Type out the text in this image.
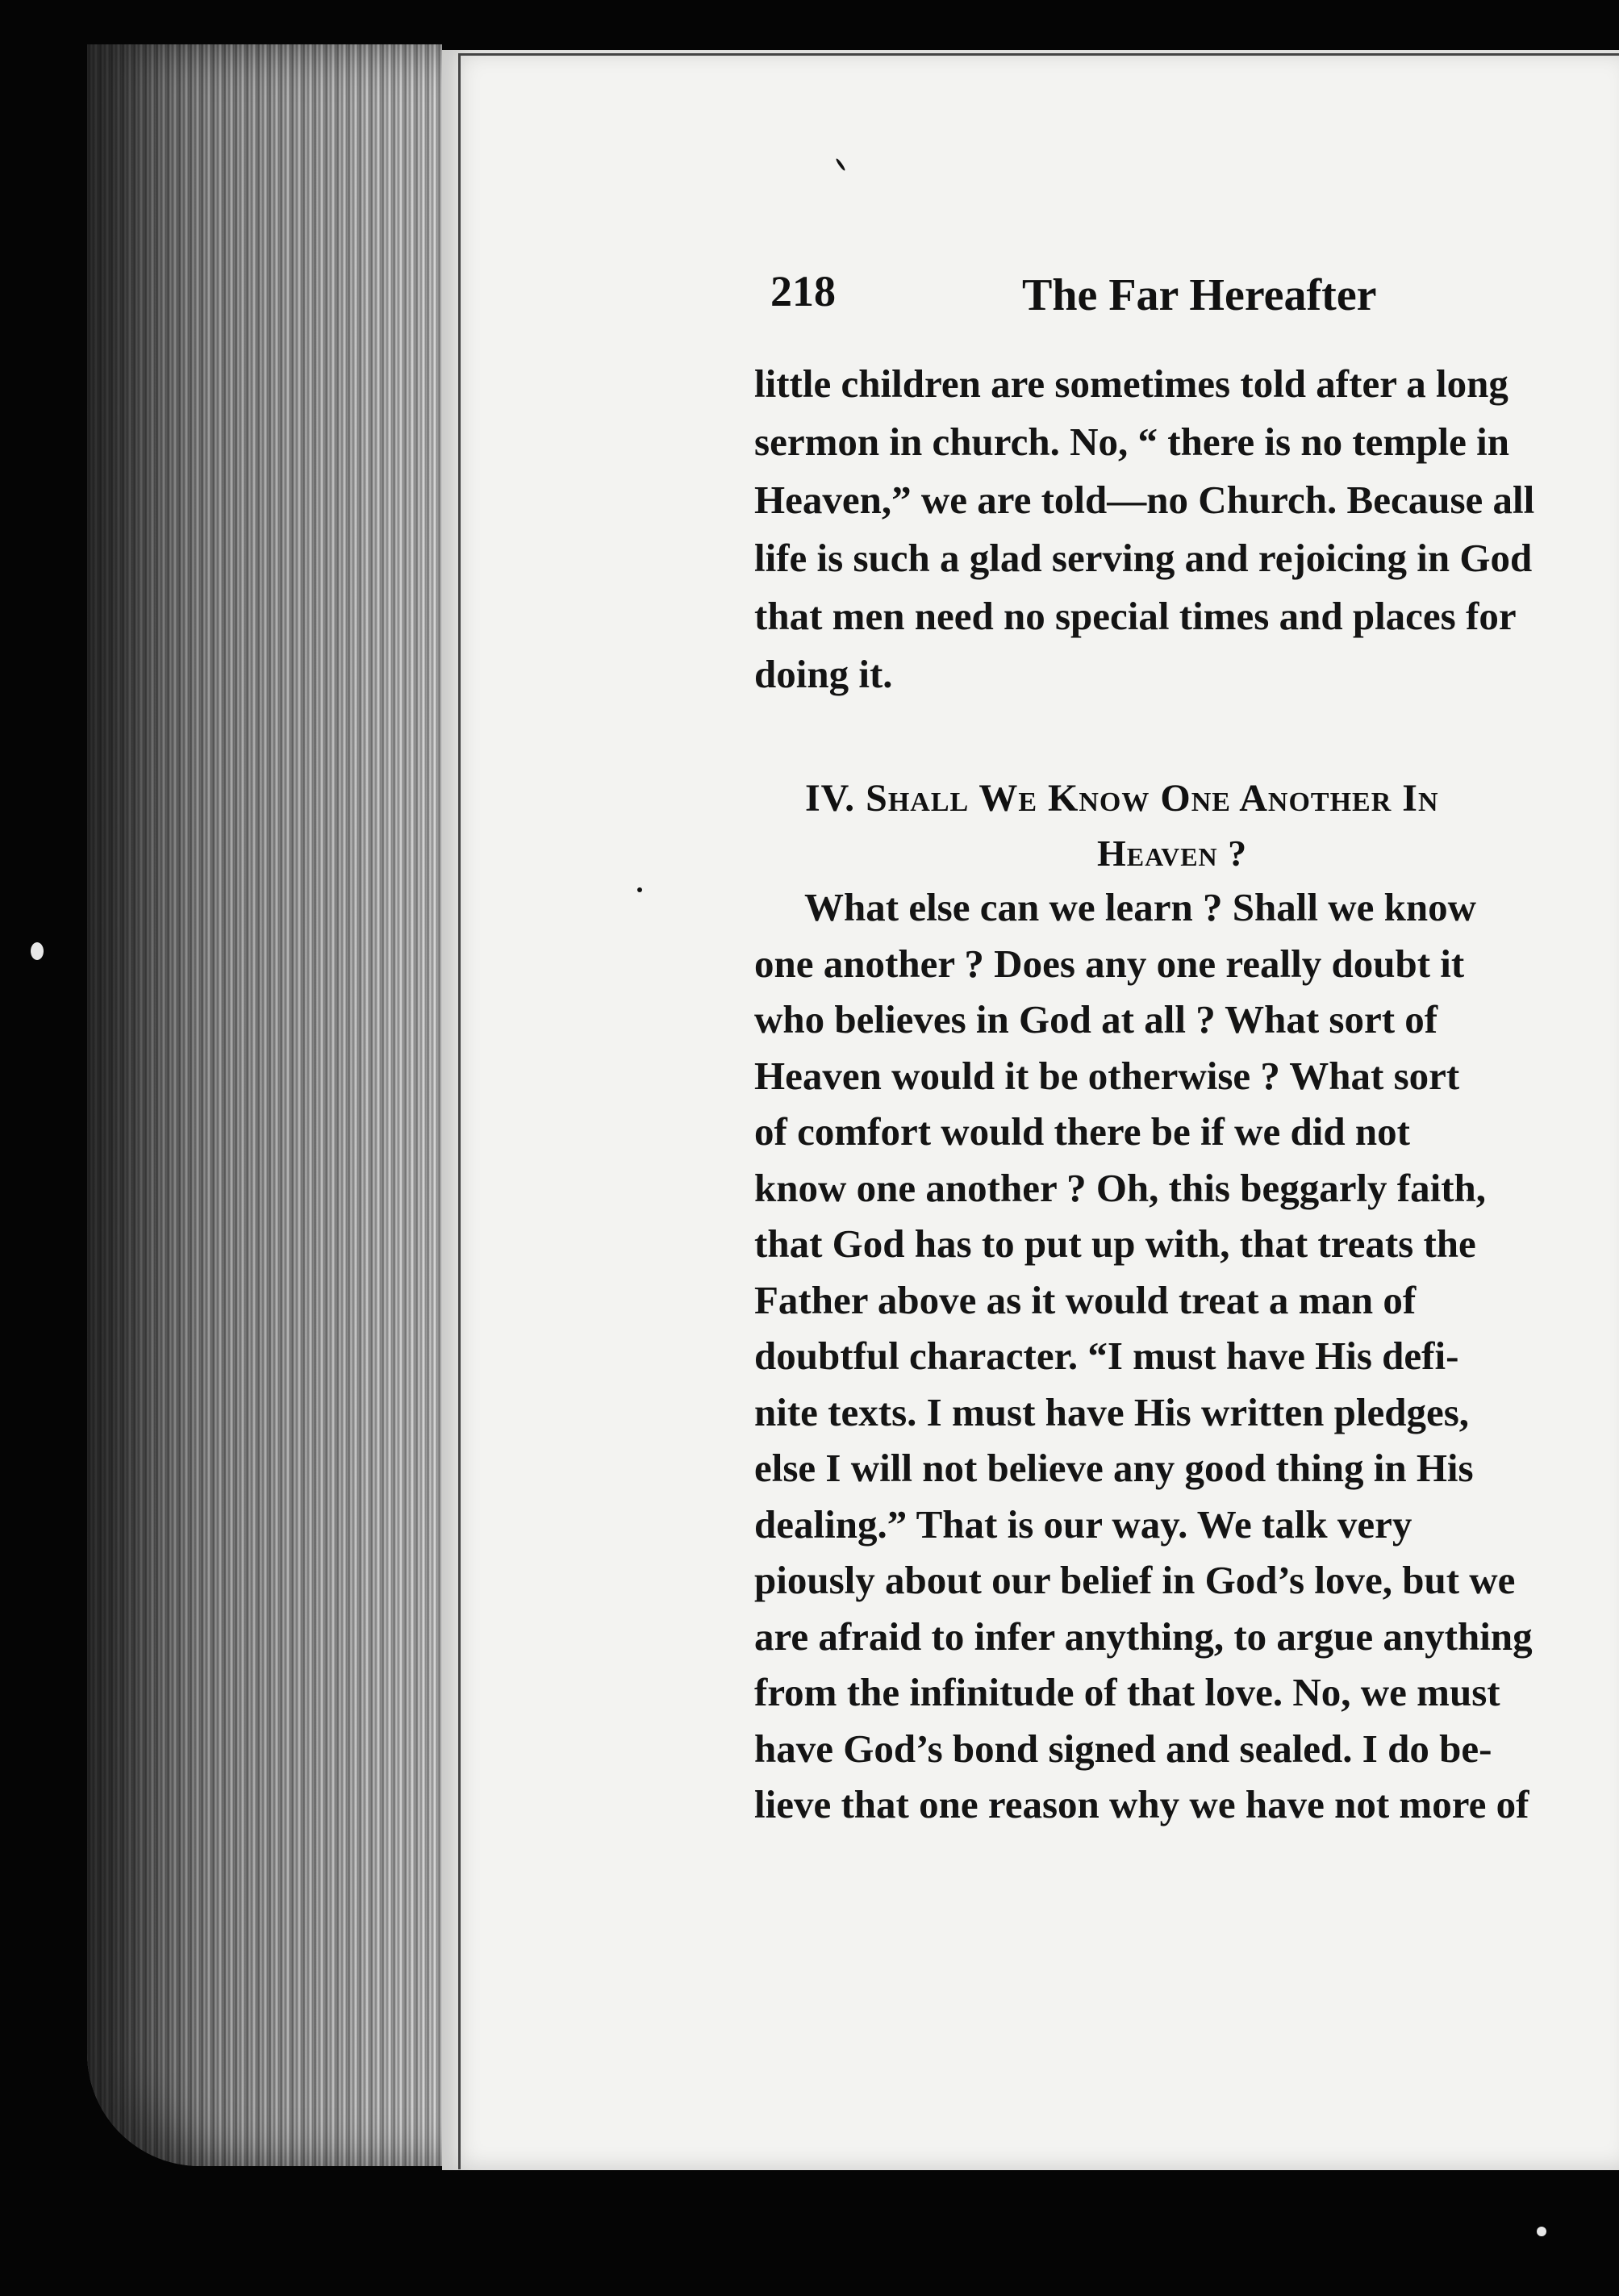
218	The Far Hereafter
little children are sometimes told after a long
sermon in church. No, “ there is no temple in
Heaven,” we are told—no Church. Because all
life is such a glad serving and rejoicing in God
that men need no special times and places for
doing it.
IV. Shall We Know One Another In
Heaven ?
What else can we learn ? Shall we know
one another ? Does any one really doubt it
who believes in God at all ? What sort of
Heaven would it be otherwise ? What sort
of comfort would there be if we did not
know one another ? Oh, this beggarly faith,
that God has to put up with, that treats the
Father above as it would treat a man of
doubtful character. “I must have His defi-
nite texts. I must have His written pledges,
else I will not believe any good thing in His
dealing.” That is our way. We talk very
piously about our belief in God’s love, but we
are afraid to infer anything, to argue anything
from the infinitude of that love. No, we must
have God’s bond signed and sealed. I do be-
lieve that one reason why we have not more of
